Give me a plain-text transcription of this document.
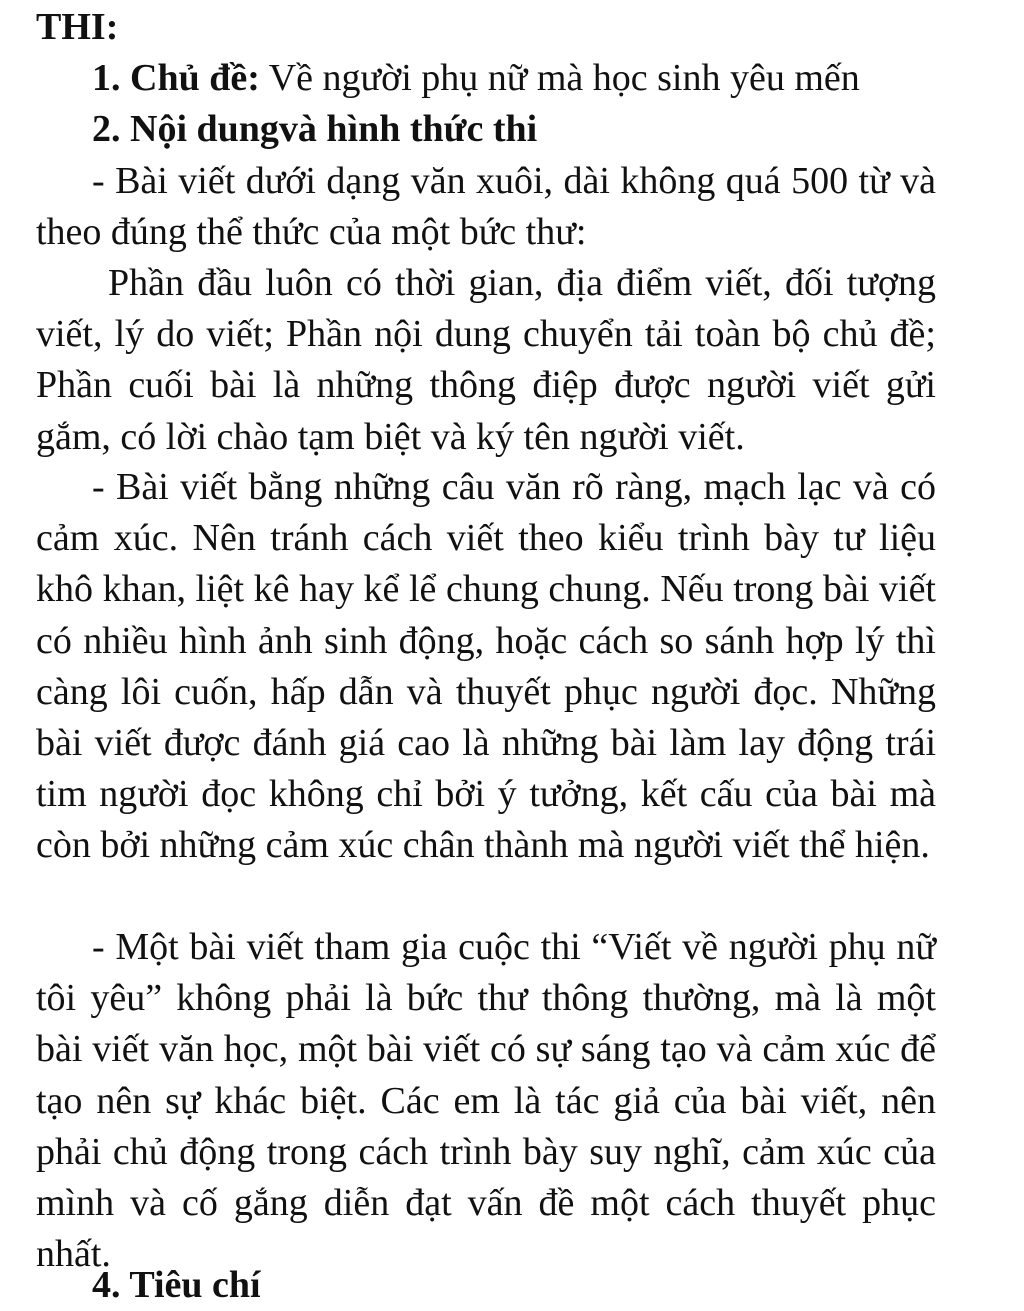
THI:
1. Chủ đề: Về người phụ nữ mà học sinh yêu mến
2. Nội dungvà hình thức thi
- Bài viết dưới dạng văn xuôi, dài không quá 500 từ và theo đúng thể thức của một bức thư:
Phần đầu luôn có thời gian, địa điểm viết, đối tượng viết, lý do viết; Phần nội dung chuyển tải toàn bộ chủ đề; Phần cuối bài là những thông điệp được người viết gửi gắm, có lời chào tạm biệt và ký tên người viết.
- Bài viết bằng những câu văn rõ ràng, mạch lạc và có cảm xúc. Nên tránh cách viết theo kiểu trình bày tư liệu khô khan, liệt kê hay kể lể chung chung. Nếu trong bài viết có nhiều hình ảnh sinh động, hoặc cách so sánh hợp lý thì càng lôi cuốn, hấp dẫn và thuyết phục người đọc. Những bài viết được đánh giá cao là những bài làm lay động trái tim người đọc không chỉ bởi ý tưởng, kết cấu của bài mà còn bởi những cảm xúc chân thành mà người viết thể hiện.
- Một bài viết tham gia cuộc thi “Viết về người phụ nữ tôi yêu” không phải là bức thư thông thường, mà là một bài viết văn học, một bài viết có sự sáng tạo và cảm xúc để tạo nên sự khác biệt. Các em là tác giả của bài viết, nên phải chủ động trong cách trình bày suy nghĩ, cảm xúc của mình và cố gắng diễn đạt vấn đề một cách thuyết phục nhất.
4. Tiêu chí
